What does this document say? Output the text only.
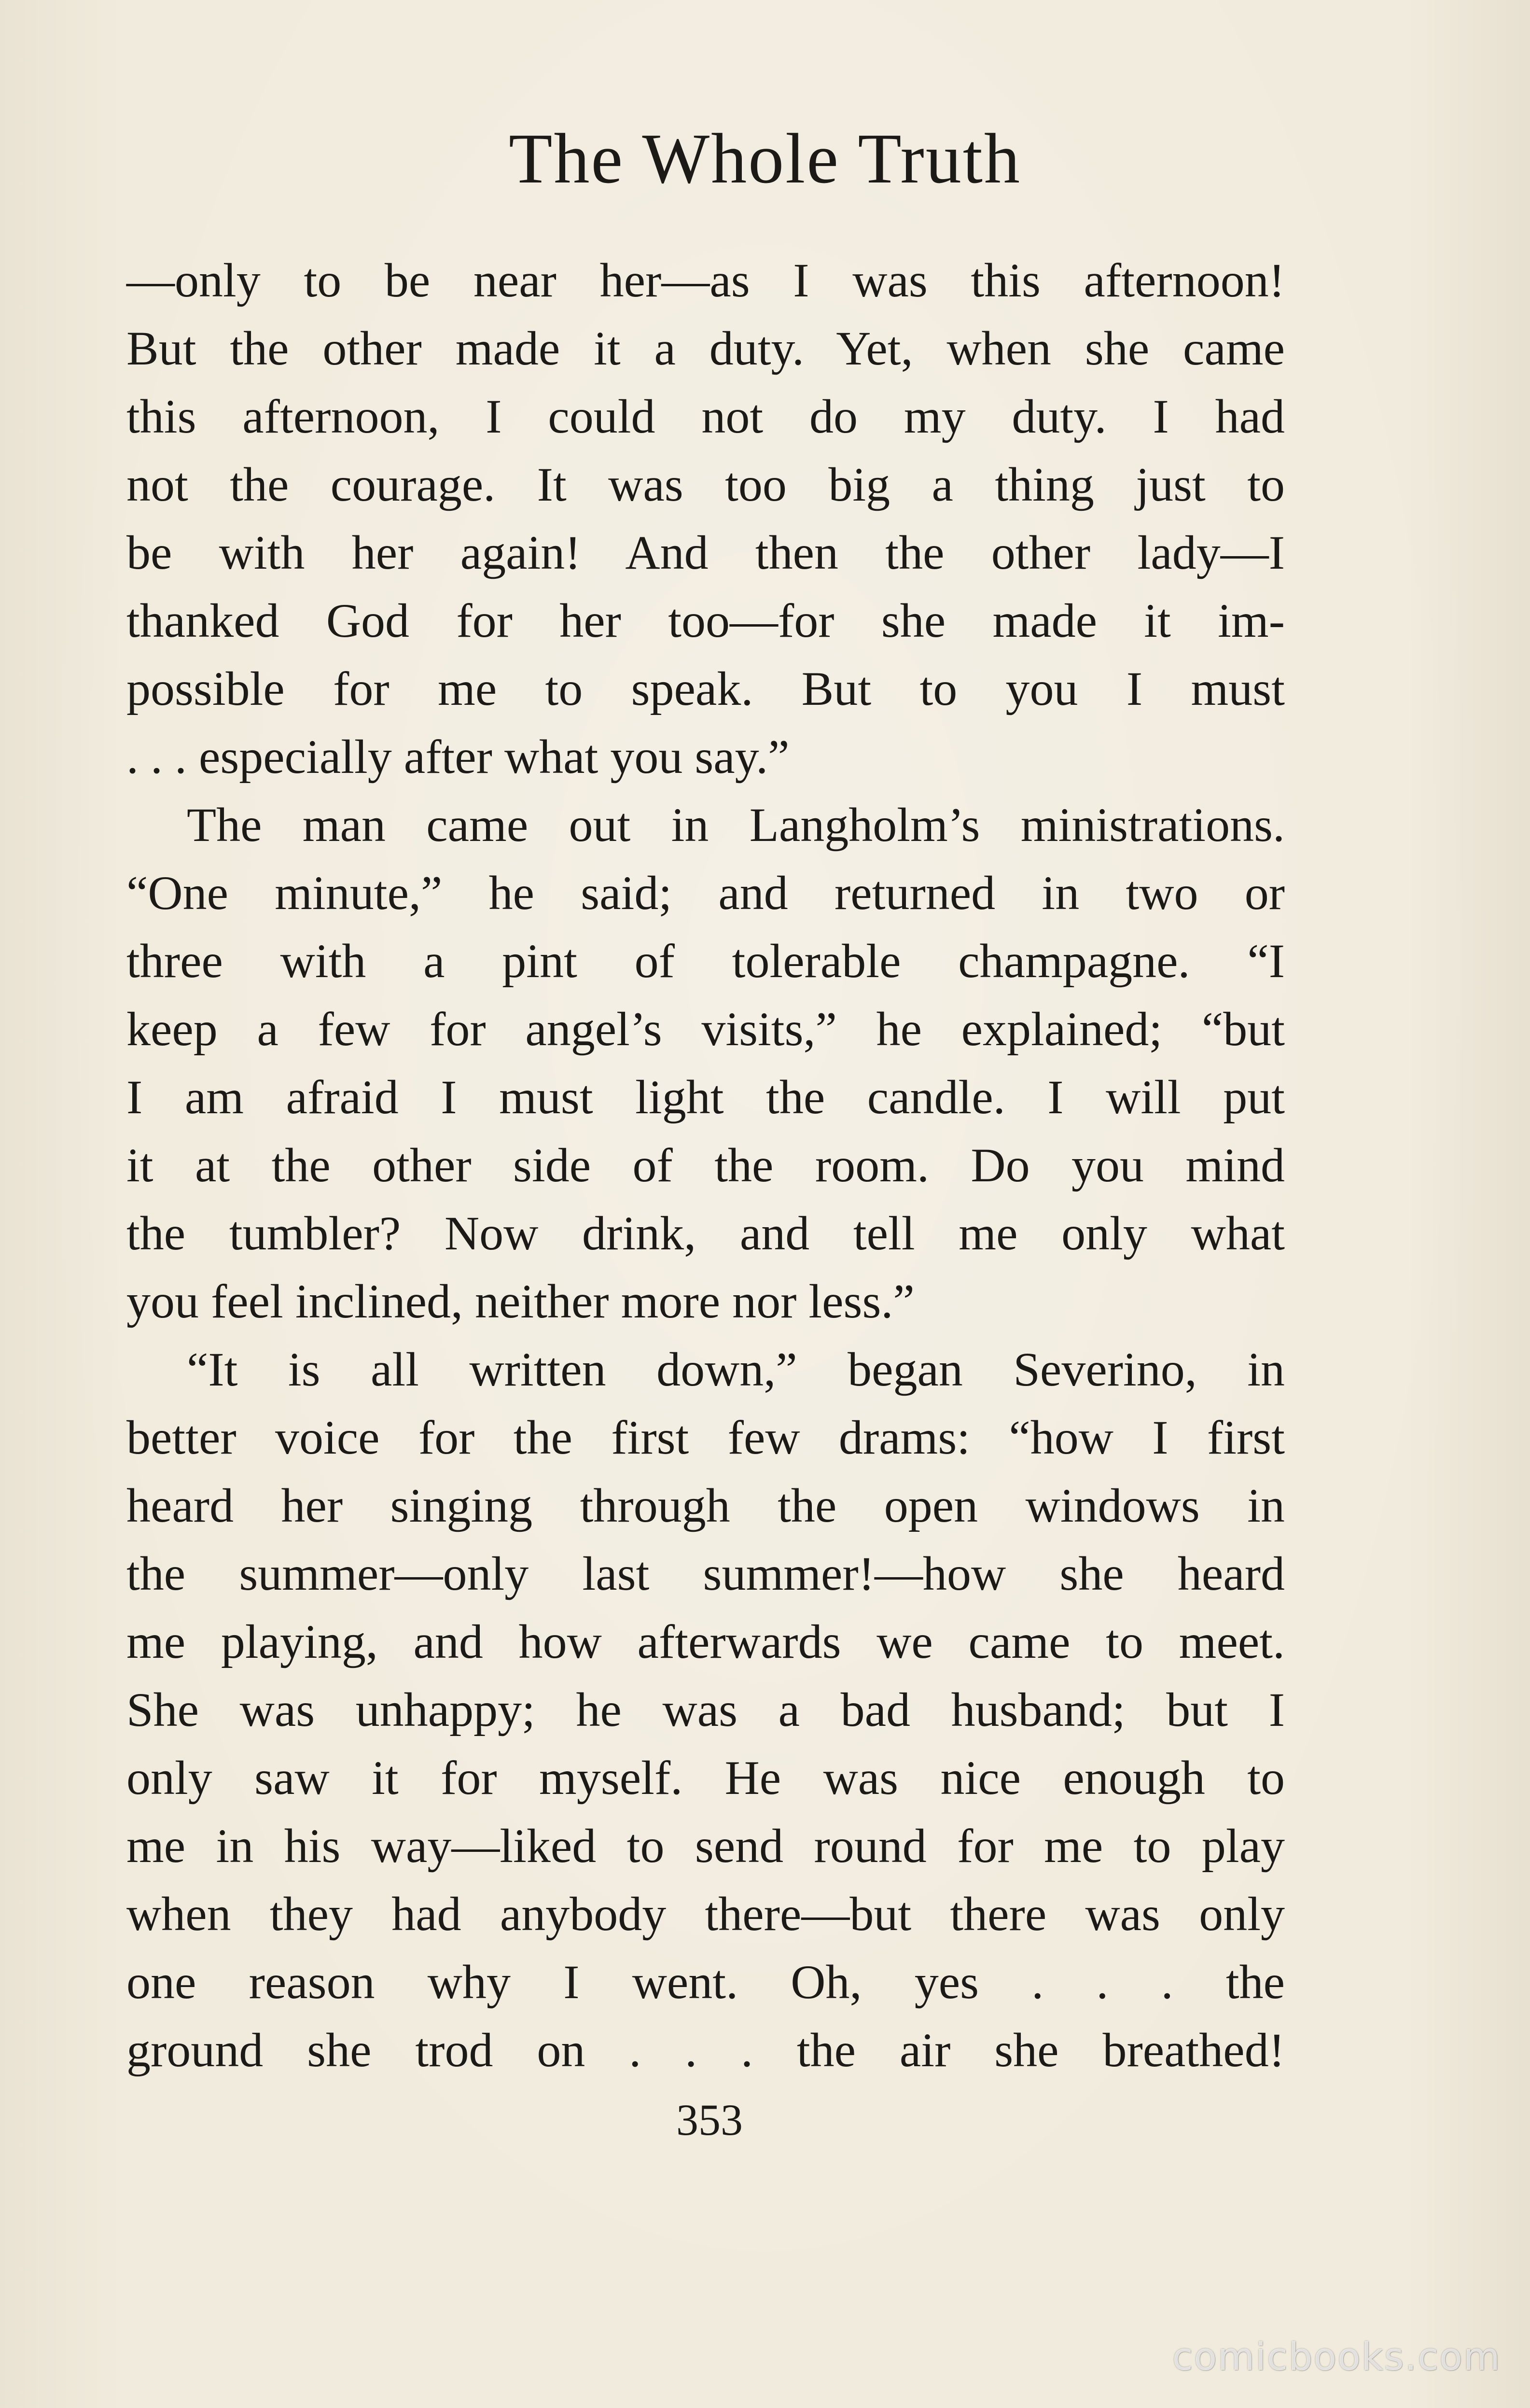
The Whole Truth
—only to be near her—as I was this afternoon!
But the other made it a duty. Yet, when she came
this afternoon, I could not do my duty. I had
not the courage. It was too big a thing just to
be with her again! And then the other lady—I
thanked God for her too—for she made it im-
possible for me to speak. But to you I must
. . . especially after what you say.”
The man came out in Langholm’s ministrations.
“One minute,” he said; and returned in two or
three with a pint of tolerable champagne. “I
keep a few for angel’s visits,” he explained; “but
I am afraid I must light the candle. I will put
it at the other side of the room. Do you mind
the tumbler? Now drink, and tell me only what
you feel inclined, neither more nor less.”
“It is all written down,” began Severino, in
better voice for the first few drams: “how I first
heard her singing through the open windows in
the summer—only last summer!—how she heard
me playing, and how afterwards we came to meet.
She was unhappy; he was a bad husband; but I
only saw it for myself. He was nice enough to
me in his way—liked to send round for me to play
when they had anybody there—but there was only
one reason why I went. Oh, yes . . . the
ground she trod on . . . the air she breathed!
353
comicbooks.com
